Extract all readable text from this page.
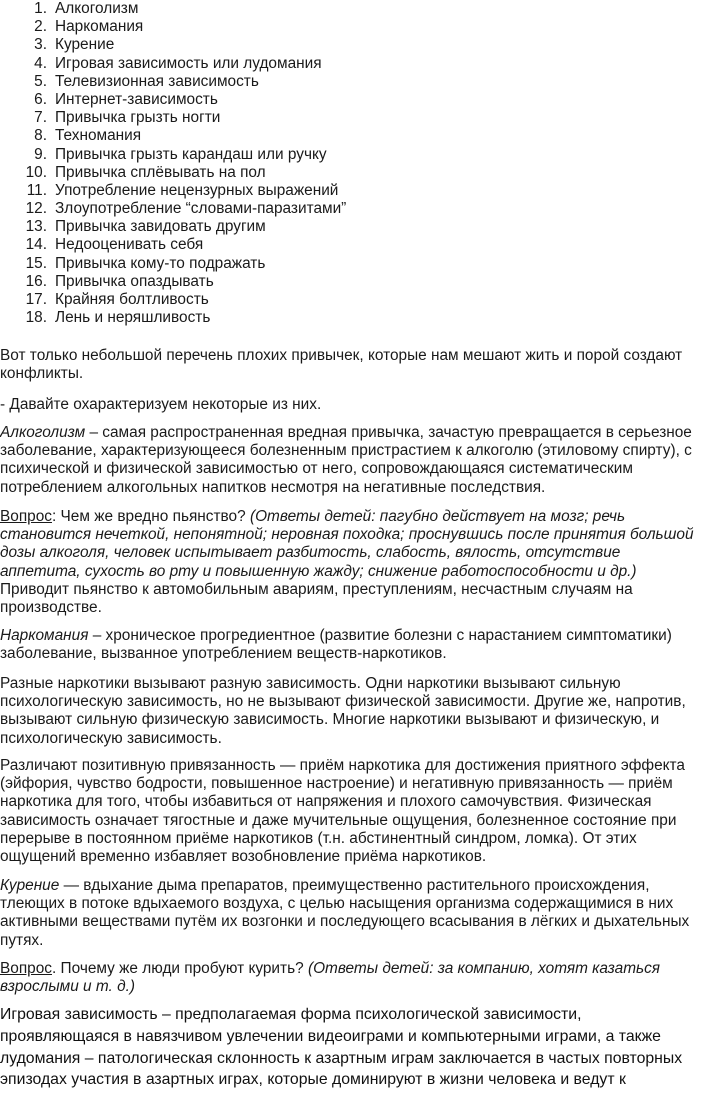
1. Алкоголизм
2. Наркомания
3. Курение
4. Игровая зависимость или лудомания
5. Телевизионная зависимость
6. Интернет-зависимость
7. Привычка грызть ногти
8. Техномания
9. Привычка грызть карандаш или ручку
10. Привычка сплёвывать на пол
11. Употребление нецензурных выражений
12. Злоупотребление “словами-паразитами”
13. Привычка завидовать другим
14. Недооценивать себя
15. Привычка кому-то подражать
16. Привычка опаздывать
17. Крайняя болтливость
18. Лень и неряшливость

Вот только небольшой перечень плохих привычек, которые нам мешают жить и порой создают конфликты.

- Давайте охарактеризуем некоторые из них.

Алкоголизм – самая распространенная вредная привычка, зачастую превращается в серьезное заболевание, характеризующееся болезненным пристрастием к алкоголю (этиловому спирту), с психической и физической зависимостью от него, сопровождающаяся систематическим потреблением алкогольных напитков несмотря на негативные последствия.

Вопрос: Чем же вредно пьянство? (Ответы детей: пагубно действует на мозг; речь становится нечеткой, непонятной; неровная походка; проснувшись после принятия большой дозы алкоголя, человек испытывает разбитость, слабость, вялость, отсутствие аппетита, сухость во рту и повышенную жажду; снижение работоспособности и др.) Приводит пьянство к автомобильным авариям, преступлениям, несчастным случаям на производстве.

Наркомания – хроническое прогредиентное (развитие болезни с нарастанием симптоматики) заболевание, вызванное употреблением веществ-наркотиков.

Разные наркотики вызывают разную зависимость. Одни наркотики вызывают сильную психологическую зависимость, но не вызывают физической зависимости. Другие же, напротив, вызывают сильную физическую зависимость. Многие наркотики вызывают и физическую, и психологическую зависимость.

Различают позитивную привязанность — приём наркотика для достижения приятного эффекта (эйфория, чувство бодрости, повышенное настроение) и негативную привязанность — приём наркотика для того, чтобы избавиться от напряжения и плохого самочувствия. Физическая зависимость означает тягостные и даже мучительные ощущения, болезненное состояние при перерыве в постоянном приёме наркотиков (т.н. абстинентный синдром, ломка). От этих ощущений временно избавляет возобновление приёма наркотиков.

Курение — вдыхание дыма препаратов, преимущественно растительного происхождения, тлеющих в потоке вдыхаемого воздуха, с целью насыщения организма содержащимися в них активными веществами путём их возгонки и последующего всасывания в лёгких и дыхательных путях.

Вопрос. Почему же люди пробуют курить? (Ответы детей: за компанию, хотят казаться взрослыми и т. д.)

Игровая зависимость – предполагаемая форма психологической зависимости, проявляющаяся в навязчивом увлечении видеоиграми и компьютерными играми, а также лудомания – патологическая склонность к азартным играм заключается в частых повторных эпизодах участия в азартных играх, которые доминируют в жизни человека и ведут к
